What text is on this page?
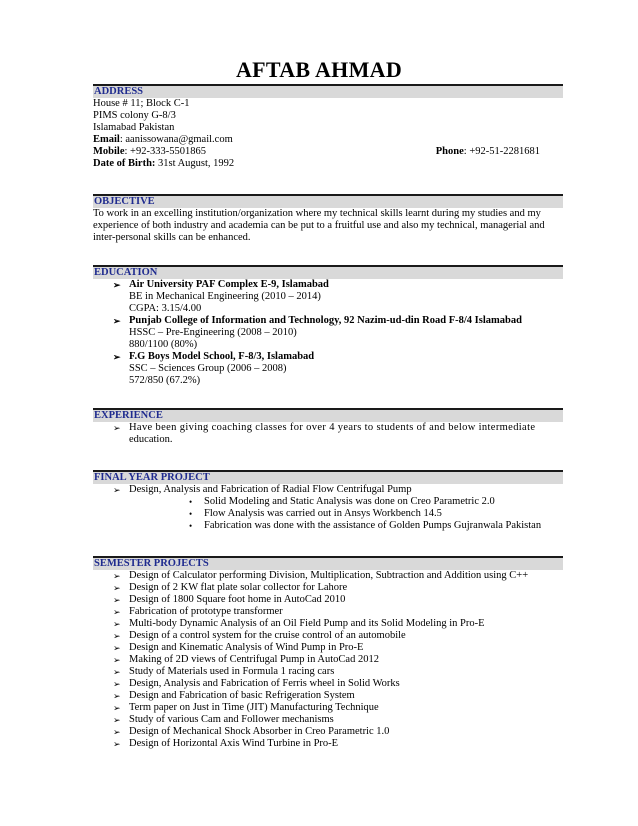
AFTAB AHMAD
ADDRESS
House # 11; Block C-1
PIMS colony G-8/3
Islamabad Pakistan
Email: aanissowana@gmail.com
Mobile: +92-333-5501865	Phone: +92-51-2281681
Date of Birth: 31st August, 1992
OBJECTIVE
To work in an excelling institution/organization where my technical skills learnt during my studies and my
experience of both industry and academia can be put to a fruitful use and also my technical, managerial and
inter-personal skills can be enhanced.
EDUCATION
➢ Air University PAF Complex E-9, Islamabad
BE in Mechanical Engineering (2010 – 2014)
CGPA: 3.15/4.00
➢ Punjab College of Information and Technology, 92 Nazim-ud-din Road F-8/4 Islamabad
HSSC – Pre-Engineering (2008 – 2010)
880/1100 (80%)
➢ F.G Boys Model School, F-8/3, Islamabad
SSC – Sciences Group (2006 – 2008)
572/850 (67.2%)
EXPERIENCE
➢ Have been giving coaching classes for over 4 years to students of and below intermediate
education.
FINAL YEAR PROJECT
➢ Design, Analysis and Fabrication of Radial Flow Centrifugal Pump
• Solid Modeling and Static Analysis was done on Creo Parametric 2.0
• Flow Analysis was carried out in Ansys Workbench 14.5
• Fabrication was done with the assistance of Golden Pumps Gujranwala Pakistan
SEMESTER PROJECTS
➢ Design of Calculator performing Division, Multiplication, Subtraction and Addition using C++
➢ Design of 2 KW flat plate solar collector for Lahore
➢ Design of 1800 Square foot home in AutoCad 2010
➢ Fabrication of prototype transformer
➢ Multi-body Dynamic Analysis of an Oil Field Pump and its Solid Modeling in Pro-E
➢ Design of a control system for the cruise control of an automobile
➢ Design and Kinematic Analysis of Wind Pump in Pro-E
➢ Making of 2D views of Centrifugal Pump in AutoCad 2012
➢ Study of Materials used in Formula 1 racing cars
➢ Design, Analysis and Fabrication of Ferris wheel in Solid Works
➢ Design and Fabrication of basic Refrigeration System
➢ Term paper on Just in Time (JIT) Manufacturing Technique
➢ Study of various Cam and Follower mechanisms
➢ Design of Mechanical Shock Absorber in Creo Parametric 1.0
➢ Design of Horizontal Axis Wind Turbine in Pro-E
